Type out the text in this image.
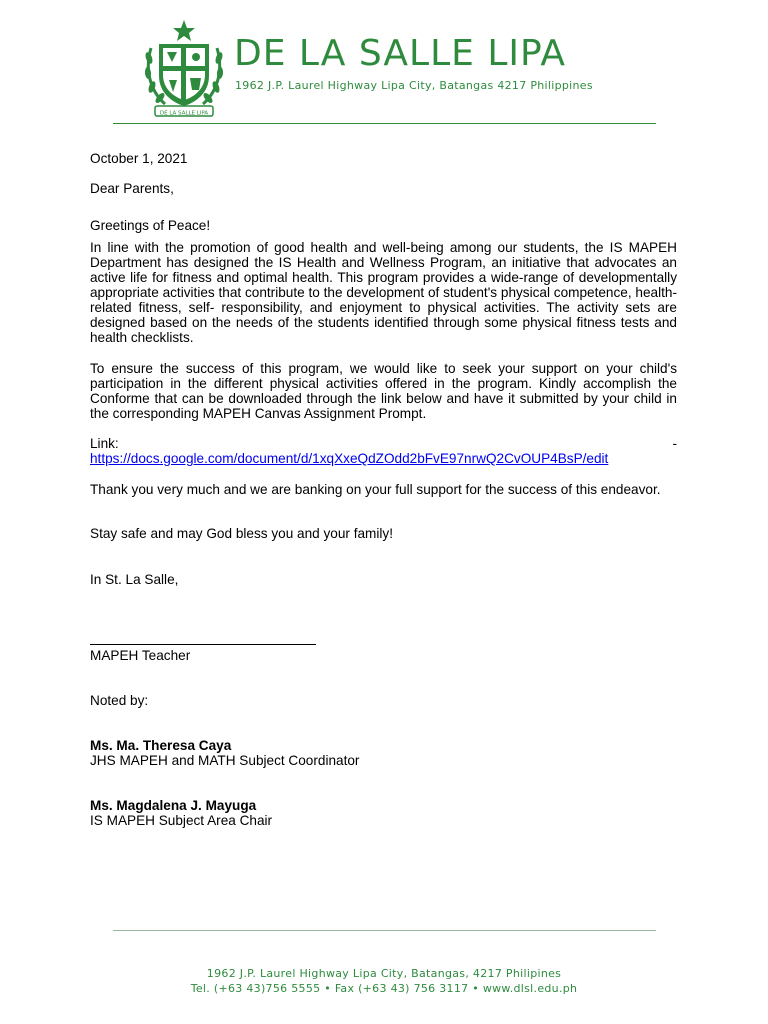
DE LA SALLE LIPA
DE LA SALLE LIPA
1962 J.P. Laurel Highway Lipa City, Batangas 4217 Philippines
October 1, 2021
Dear Parents,
Greetings of Peace!
In line with the promotion of good health and well-being among our students, the IS MAPEH Department has designed the IS Health and Wellness Program, an initiative that advocates an active life for fitness and optimal health. This program provides a wide-range of developmentally appropriate activities that contribute to the development of student's physical competence, health-related fitness, self- responsibility, and enjoyment to physical activities. The activity sets are designed based on the needs of the students identified through some physical fitness tests and health checklists.
To ensure the success of this program, we would like to seek your support on your child's participation in the different physical activities offered in the program. Kindly accomplish the Conforme that can be downloaded through the link below and have it submitted by your child in the corresponding MAPEH Canvas Assignment Prompt.
Link:	-
https://docs.google.com/document/d/1xqXxeQdZOdd2bFvE97nrwQ2CvOUP4BsP/edit
Thank you very much and we are banking on your full support for the success of this endeavor.
Stay safe and may God bless you and your family!
In St. La Salle,
MAPEH Teacher
Noted by:
Ms. Ma. Theresa Caya
JHS MAPEH and MATH Subject Coordinator
Ms. Magdalena J. Mayuga
IS MAPEH Subject Area Chair
1962 J.P. Laurel Highway Lipa City, Batangas, 4217 Philipines
Tel. (+63 43)756 5555 • Fax (+63 43) 756 3117 • www.dlsl.edu.ph
